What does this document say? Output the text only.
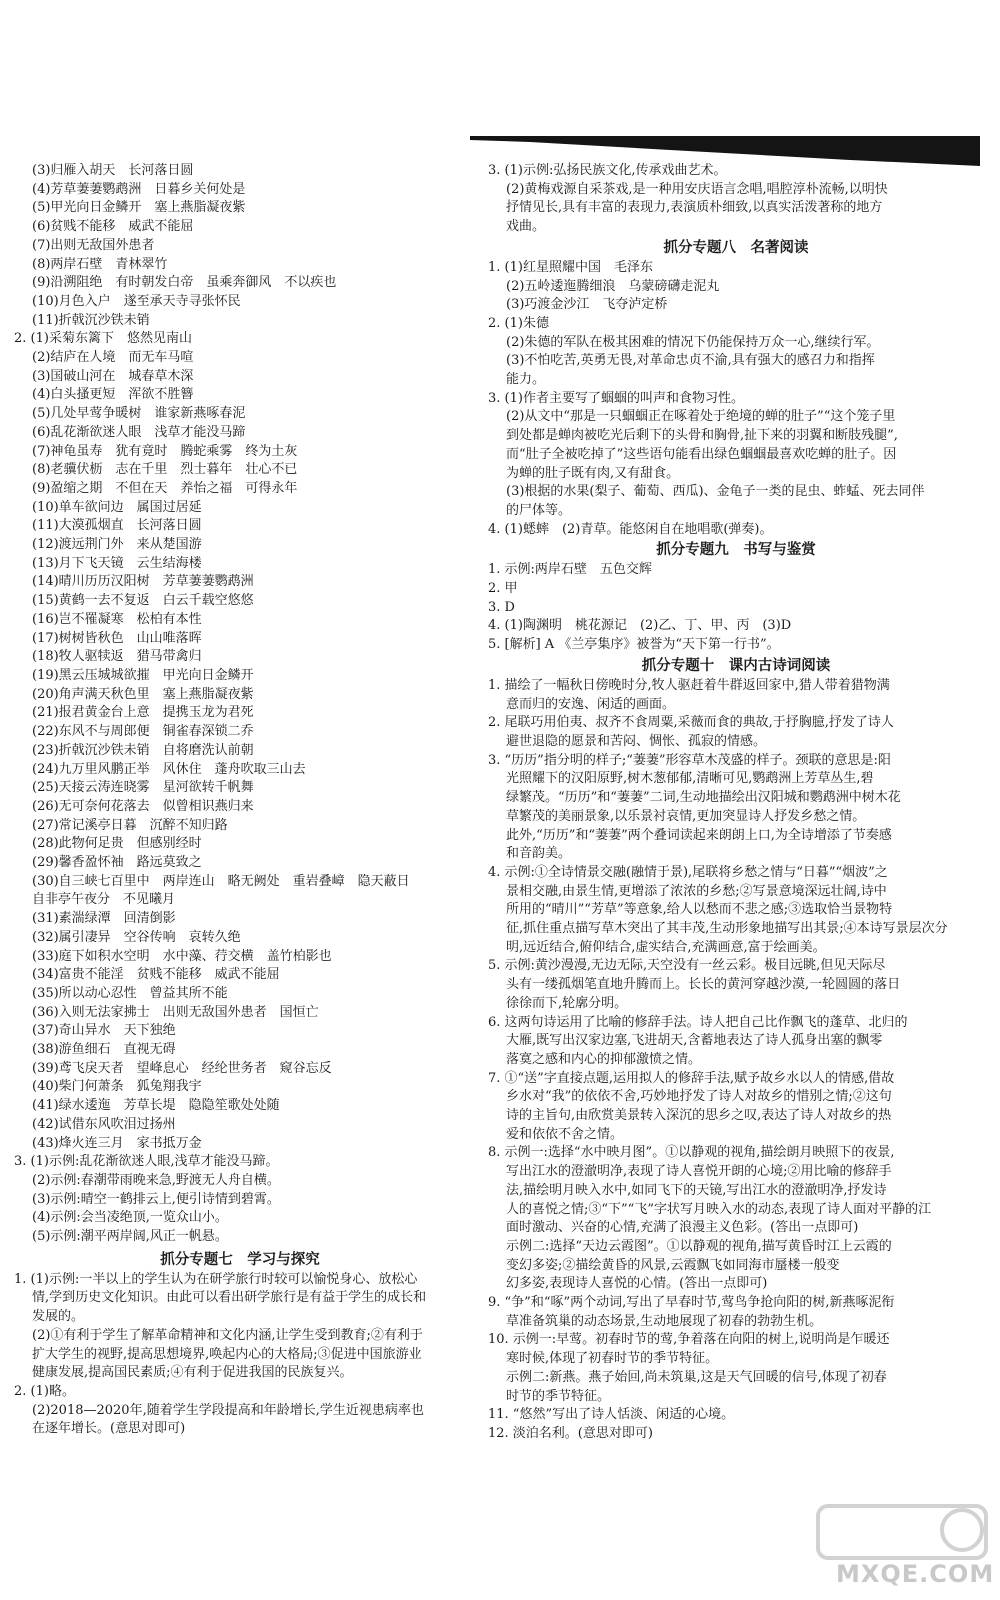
(3)归雁入胡天　长河落日圆
(4)芳草萋萋鹦鹉洲　日暮乡关何处是
(5)甲光向日金鳞开　塞上燕脂凝夜紫
(6)贫贱不能移　威武不能屈
(7)出则无敌国外患者
(8)两岸石壁　青林翠竹
(9)沿溯阻绝　有时朝发白帝　虽乘奔御风　不以疾也
(10)月色入户　遂至承天寺寻张怀民
(11)折戟沉沙铁未销
2. (1)采菊东篱下　悠然见南山
(2)结庐在人境　而无车马喧
(3)国破山河在　城春草木深
(4)白头搔更短　浑欲不胜簪
(5)几处早莺争暖树　谁家新燕啄春泥
(6)乱花渐欲迷人眼　浅草才能没马蹄
(7)神龟虽寿　犹有竟时　腾蛇乘雾　终为土灰
(8)老骥伏枥　志在千里　烈士暮年　壮心不已
(9)盈缩之期　不但在天　养怡之福　可得永年
(10)单车欲问边　属国过居延
(11)大漠孤烟直　长河落日圆
(12)渡远荆门外　来从楚国游
(13)月下飞天镜　云生结海楼
(14)晴川历历汉阳树　芳草萋萋鹦鹉洲
(15)黄鹤一去不复返　白云千载空悠悠
(16)岂不罹凝寒　松柏有本性
(17)树树皆秋色　山山唯落晖
(18)牧人驱犊返　猎马带禽归
(19)黑云压城城欲摧　甲光向日金鳞开
(20)角声满天秋色里　塞上燕脂凝夜紫
(21)报君黄金台上意　提携玉龙为君死
(22)东风不与周郎便　铜雀春深锁二乔
(23)折戟沉沙铁未销　自将磨洗认前朝
(24)九万里风鹏正举　风休住　蓬舟吹取三山去
(25)天接云涛连晓雾　星河欲转千帆舞
(26)无可奈何花落去　似曾相识燕归来
(27)常记溪亭日暮　沉醉不知归路
(28)此物何足贵　但感别经时
(29)馨香盈怀袖　路远莫致之
(30)自三峡七百里中　两岸连山　略无阙处　重岩叠嶂　隐天蔽日
自非亭午夜分　不见曦月
(31)素湍绿潭　回清倒影
(32)属引凄异　空谷传响　哀转久绝
(33)庭下如积水空明　水中藻、荇交横　盖竹柏影也
(34)富贵不能淫　贫贱不能移　威武不能屈
(35)所以动心忍性　曾益其所不能
(36)入则无法家拂士　出则无敌国外患者　国恒亡
(37)奇山异水　天下独绝
(38)游鱼细石　直视无碍
(39)鸢飞戾天者　望峰息心　经纶世务者　窥谷忘反
(40)柴门何萧条　狐兔翔我宇
(41)绿水逶迤　芳草长堤　隐隐笙歌处处随
(42)试借东风吹泪过扬州
(43)烽火连三月　家书抵万金
3. (1)示例:乱花渐欲迷人眼,浅草才能没马蹄。
(2)示例:春潮带雨晚来急,野渡无人舟自横。
(3)示例:晴空一鹤排云上,便引诗情到碧霄。
(4)示例:会当凌绝顶,一览众山小。
(5)示例:潮平两岸阔,风正一帆悬。
抓分专题七　学习与探究
1. (1)示例:一半以上的学生认为在研学旅行时较可以愉悦身心、放松心
情,学到历史文化知识。由此可以看出研学旅行是有益于学生的成长和
发展的。
(2)①有利于学生了解革命精神和文化内涵,让学生受到教育;②有利于
扩大学生的视野,提高思想境界,唤起内心的大格局;③促进中国旅游业
健康发展,提高国民素质;④有利于促进我国的民族复兴。
2. (1)略。
(2)2018—2020年,随着学生学段提高和年龄增长,学生近视患病率也
在逐年增长。(意思对即可)
3. (1)示例:弘扬民族文化,传承戏曲艺术。
(2)黄梅戏源自采茶戏,是一种用安庆语言念唱,唱腔淳朴流畅,以明快
抒情见长,具有丰富的表现力,表演质朴细致,以真实活泼著称的地方
戏曲。
抓分专题八　名著阅读
1. (1)红星照耀中国　毛泽东
(2)五岭逶迤腾细浪　乌蒙磅礴走泥丸
(3)巧渡金沙江　飞夺泸定桥
2. (1)朱德
(2)朱德的军队在极其困难的情况下仍能保持万众一心,继续行军。
(3)不怕吃苦,英勇无畏,对革命忠贞不渝,具有强大的感召力和指挥
能力。
3. (1)作者主要写了蝈蝈的叫声和食物习性。
(2)从文中“那是一只蝈蝈正在啄着处于绝境的蝉的肚子”“这个笼子里
到处都是蝉肉被吃光后剩下的头骨和胸骨,扯下来的羽翼和断肢残腿”,
而“肚子全被吃掉了”这些语句能看出绿色蝈蝈最喜欢吃蝉的肚子。因
为蝉的肚子既有肉,又有甜食。
(3)根据的水果(梨子、葡萄、西瓜)、金龟子一类的昆虫、蚱蜢、死去同伴
的尸体等。
4. (1)蟋蟀　(2)青草。能悠闲自在地唱歌(弹奏)。
抓分专题九　书写与鉴赏
1. 示例:两岸石壁　五色交辉
2. 甲
3. D
4. (1)陶渊明　桃花源记　(2)乙、丁、甲、丙　(3)D
5. [解析] A 《兰亭集序》被誉为“天下第一行书”。
抓分专题十　课内古诗词阅读
1. 描绘了一幅秋日傍晚时分,牧人驱赶着牛群返回家中,猎人带着猎物满
意而归的安逸、闲适的画面。
2. 尾联巧用伯夷、叔齐不食周粟,采薇而食的典故,于抒胸臆,抒发了诗人
避世退隐的愿景和苦闷、惆怅、孤寂的情感。
3. “历历”指分明的样子;“萋萋”形容草木茂盛的样子。颈联的意思是:阳
光照耀下的汉阳原野,树木葱郁郁,清晰可见,鹦鹉洲上芳草丛生,碧
绿繁茂。“历历”和“萋萋”二词,生动地描绘出汉阳城和鹦鹉洲中树木花
草繁茂的美丽景象,以乐景衬哀情,更加突显诗人抒发乡愁之情。
此外,“历历”和“萋萋”两个叠词读起来朗朗上口,为全诗增添了节奏感
和音韵美。
4. 示例:①全诗情景交融(融情于景),尾联将乡愁之情与“日暮”“烟波”之
景相交融,由景生情,更增添了浓浓的乡愁;②写景意境深远壮阔,诗中
所用的“晴川”“芳草”等意象,给人以愁而不悲之感;③选取恰当景物特
征,抓住重点描写草木突出了其丰茂,生动形象地描写出其景;④本诗写景层次分
明,远近结合,俯仰结合,虚实结合,充满画意,富于绘画美。
5. 示例:黄沙漫漫,无边无际,天空没有一丝云彩。极目远眺,但见天际尽
头有一缕孤烟笔直地升腾而上。长长的黄河穿越沙漠,一轮圆圆的落日
徐徐而下,轮廓分明。
6. 这两句诗运用了比喻的修辞手法。诗人把自己比作飘飞的蓬草、北归的
大雁,既写出汉家边塞,飞进胡天,含蓄地表达了诗人孤身出塞的飘零
落寞之感和内心的抑郁激愤之情。
7. ①“送”字直接点题,运用拟人的修辞手法,赋予故乡水以人的情感,借故
乡水对“我”的依依不舍,巧妙地抒发了诗人对故乡的惜别之情;②这句
诗的主旨句,由欣赏美景转入深沉的思乡之叹,表达了诗人对故乡的热
爱和依依不舍之情。
8. 示例一:选择“水中映月图”。①以静观的视角,描绘朗月映照下的夜景,
写出江水的澄澈明净,表现了诗人喜悦开朗的心境;②用比喻的修辞手
法,描绘明月映入水中,如同飞下的天镜,写出江水的澄澈明净,抒发诗
人的喜悦之情;③“下”“飞”字状写月映入水的动态,表现了诗人面对平静的江
面时激动、兴奋的心情,充满了浪漫主义色彩。(答出一点即可)
示例二:选择“天边云霞图”。①以静观的视角,描写黄昏时江上云霞的
变幻多姿;②描绘黄昏的风景,云霞飘飞如同海市蜃楼一般变
幻多姿,表现诗人喜悦的心情。(答出一点即可)
9. “争”和“啄”两个动词,写出了早春时节,莺鸟争抢向阳的树,新燕啄泥衔
草准备筑巢的动态场景,生动地展现了初春的勃勃生机。
10. 示例一:早莺。初春时节的莺,争着落在向阳的树上,说明尚是乍暖还
寒时候,体现了初春时节的季节特征。
示例二:新燕。燕子始回,尚未筑巢,这是天气回暖的信号,体现了初春
时节的季节特征。
11. “悠然”写出了诗人恬淡、闲适的心境。
12. 淡泊名利。(意思对即可)
MXQE.COM
